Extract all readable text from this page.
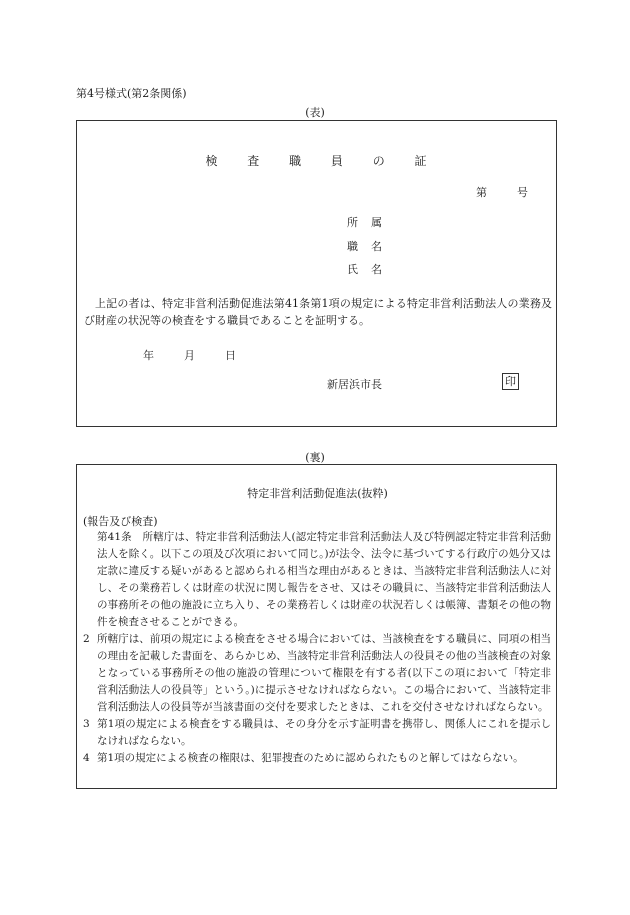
第4号様式(第2条関係)
(表)
検 査 職 員 の 証
第	号
所 属
職 名
氏 名
上記の者は、特定非営利活動促進法第41条第1項の規定による特定非営利活動法人の業務及び財産の状況等の検査をする職員であることを証明する。
年	月	日
新居浜市長	印
(裏)
特定非営利活動促進法(抜粋)
(報告及び検査)

第41条　 所轄庁は、特定非営利活動法人(認定特定非営利活動法人及び特例認定特定非営利活動法人を除く。以下この項及び次項において同じ。)が法令、法令に基づいてする行政庁の処分又は定款に違反する疑いがあると認められる相当な理由があるときは、当該特定非営利活動法人に対し、その業務若しくは財産の状況に関し報告をさせ、又はその職員に、当該特定非営利活動法人の事務所その他の施設に立ち入り、その業務若しくは財産の状況若しくは帳簿、書類その他の物件を検査させることができる。

2 所轄庁は、前項の規定による検査をさせる場合においては、当該検査をする職員に、同項の相当の理由を記載した書面を、あらかじめ、当該特定非営利活動法人の役員その他の当該検査の対象となっている事務所その他の施設の管理について権限を有する者(以下この項において「特定非営利活動法人の役員等」という。)に提示させなければならない。この場合において、当該特定非営利活動法人の役員等が当該書面の交付を要求したときは、これを交付させなければならない。

3 第1項の規定による検査をする職員は、その身分を示す証明書を携帯し、関係人にこれを提示しなければならない。

4 第1項の規定による検査の権限は、犯罪捜査のために認められたものと解してはならない。
